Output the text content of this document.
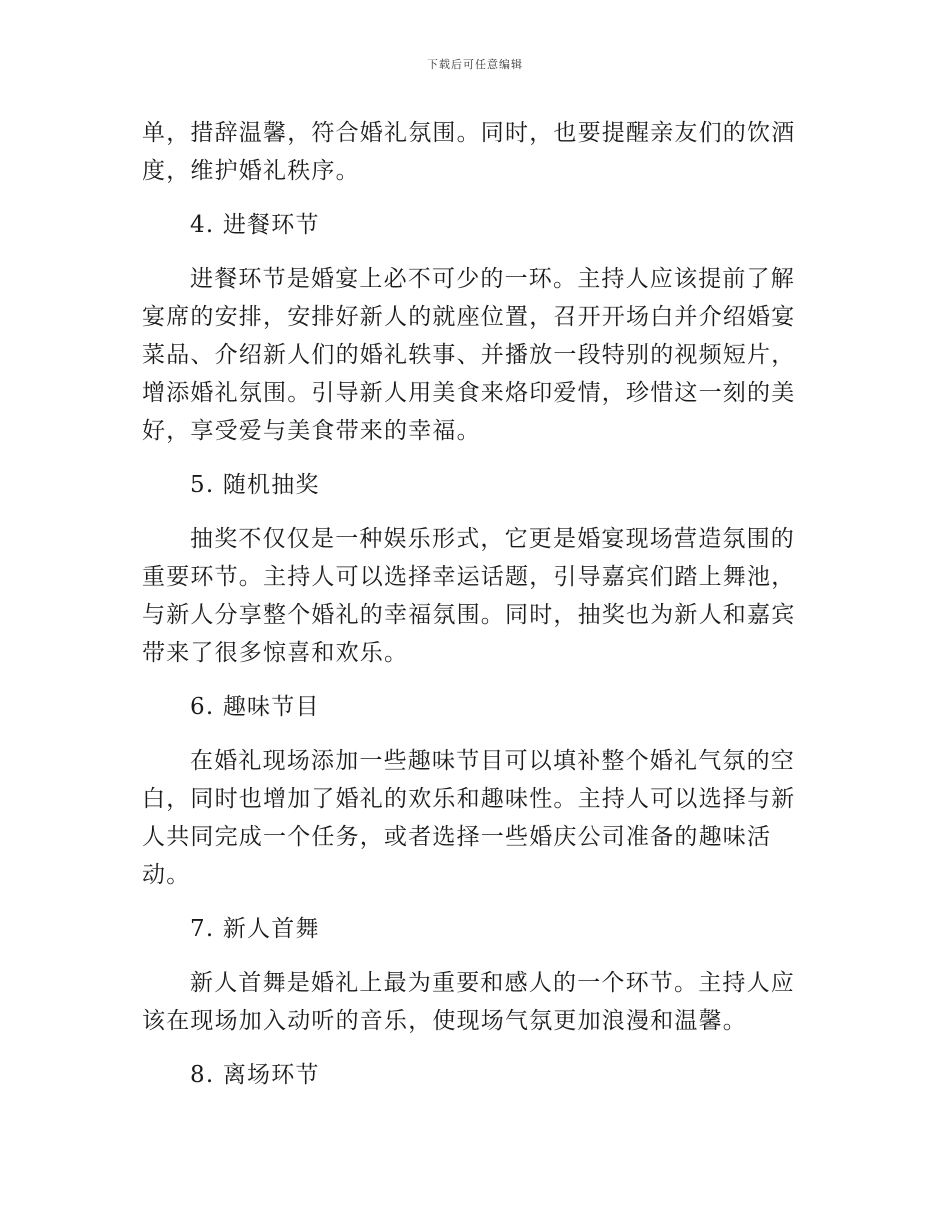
下载后可任意编辑

单，措辞温馨，符合婚礼氛围。同时，也要提醒亲友们的饮酒度，维护婚礼秩序。

4. 进餐环节

进餐环节是婚宴上必不可少的一环。主持人应该提前了解宴席的安排，安排好新人的就座位置，召开开场白并介绍婚宴菜品、介绍新人们的婚礼轶事、并播放一段特别的视频短片，增添婚礼氛围。引导新人用美食来烙印爱情，珍惜这一刻的美好，享受爱与美食带来的幸福。

5. 随机抽奖

抽奖不仅仅是一种娱乐形式，它更是婚宴现场营造氛围的重要环节。主持人可以选择幸运话题，引导嘉宾们踏上舞池，与新人分享整个婚礼的幸福氛围。同时，抽奖也为新人和嘉宾带来了很多惊喜和欢乐。

6. 趣味节目

在婚礼现场添加一些趣味节目可以填补整个婚礼气氛的空白，同时也增加了婚礼的欢乐和趣味性。主持人可以选择与新人共同完成一个任务，或者选择一些婚庆公司准备的趣味活动。

7. 新人首舞

新人首舞是婚礼上最为重要和感人的一个环节。主持人应该在现场加入动听的音乐，使现场气氛更加浪漫和温馨。

8. 离场环节
